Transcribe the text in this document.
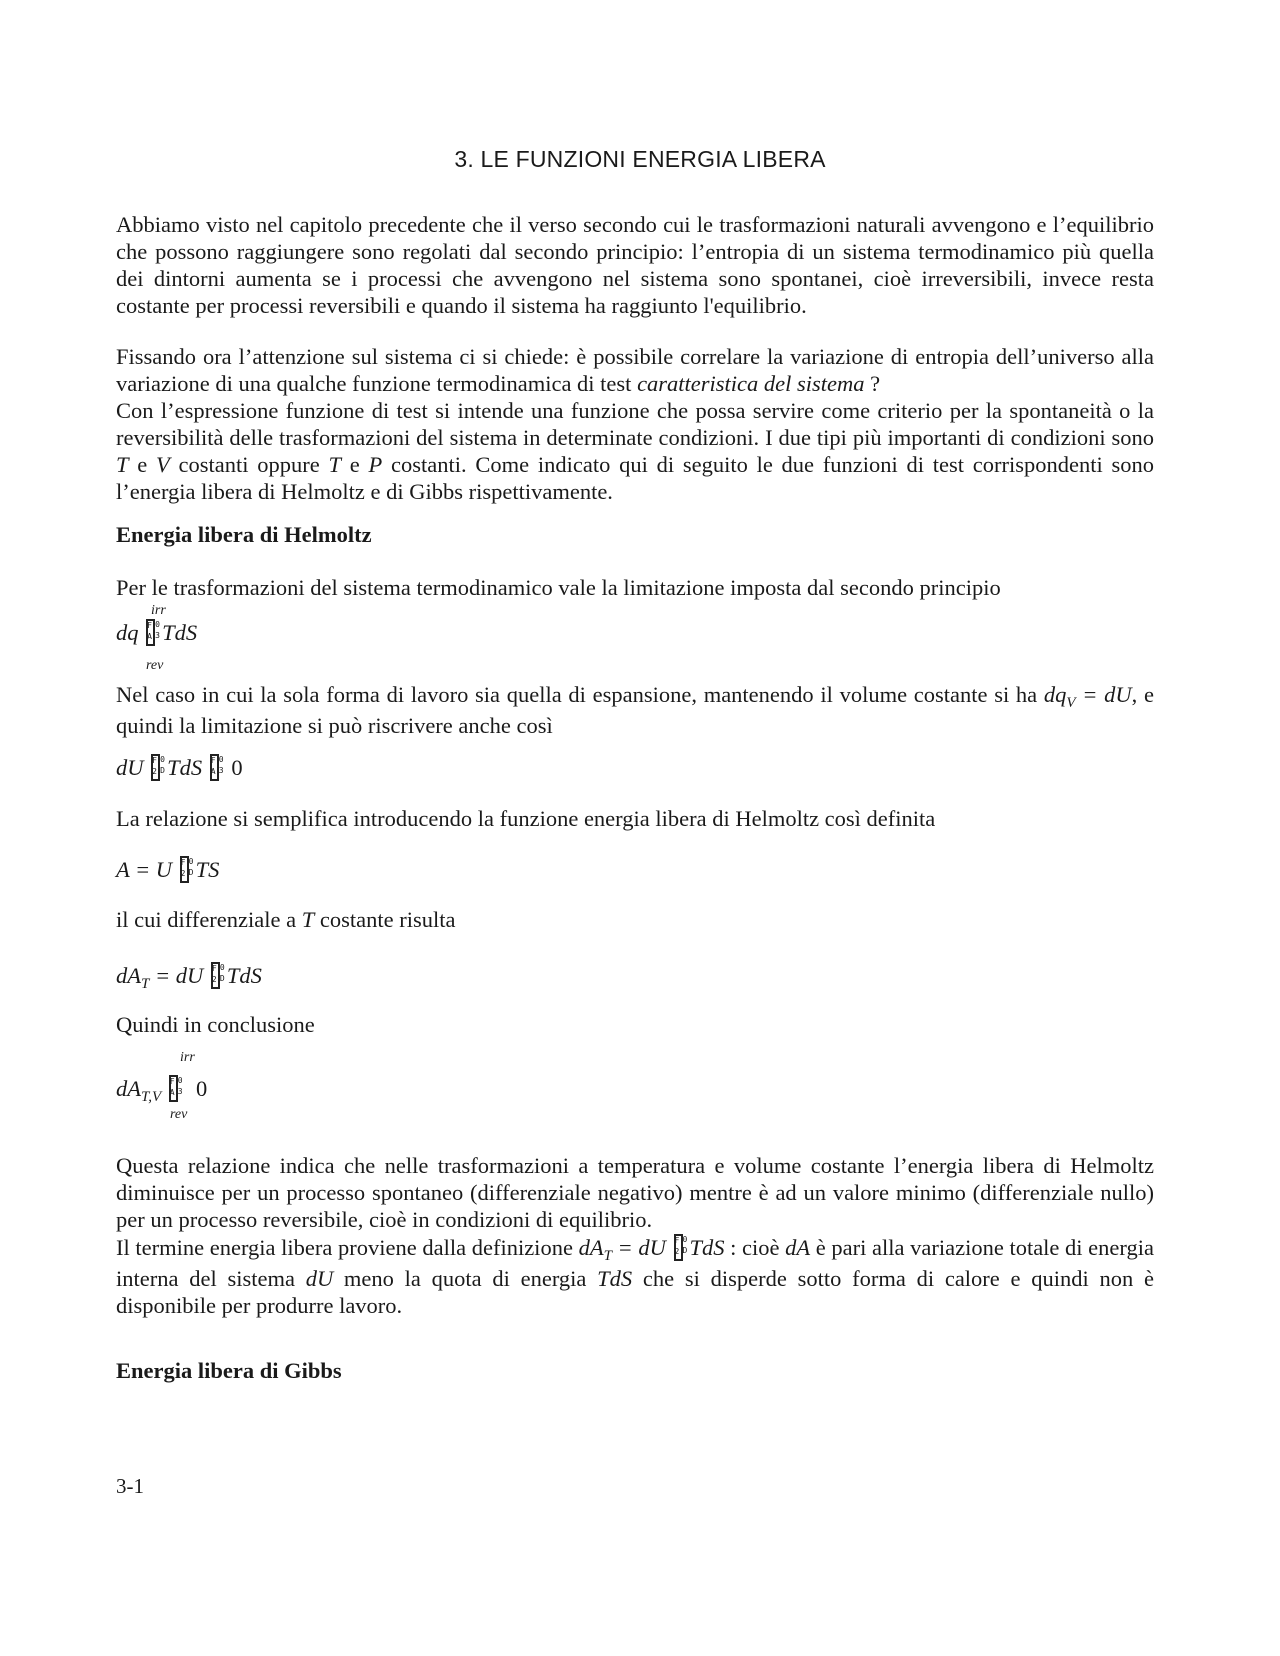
3. LE FUNZIONI ENERGIA LIBERA

Abbiamo visto nel capitolo precedente che il verso secondo cui le trasformazioni naturali avvengono e l’equilibrio che possono raggiungere sono regolati dal secondo principio: l’entropia di un sistema termodinamico più quella dei dintorni aumenta se i processi che avvengono nel sistema sono spontanei, cioè irreversibili, invece resta costante per processi reversibili e quando il sistema ha raggiunto l'equilibrio.

Fissando ora l’attenzione sul sistema ci si chiede: è possibile correlare la variazione di entropia dell’universo alla variazione di una qualche funzione termodinamica di test caratteristica del sistema ?

Con l’espressione funzione di test si intende una funzione che possa servire come criterio per la spontaneità o la reversibilità delle trasformazioni del sistema in determinate condizioni. I due tipi più importanti di condizioni sono T e V costanti oppure T e P costanti. Come indicato qui di seguito le due funzioni di test corrispondenti sono l’energia libera di Helmoltz e di Gibbs rispettivamente.

Energia libera di Helmoltz

Per le trasformazioni del sistema termodinamico vale la limitazione imposta dal secondo principio

irr
dq F
A
0
3 TdS
rev

Nel caso in cui la sola forma di lavoro sia quella di espansione, mantenendo il volume costante si ha $dq_V$ = dU, e quindi la limitazione si può riscrivere anche così

dU F
2
0
D TdS F
A
0
3 0

La relazione si semplifica introducendo la funzione energia libera di Helmoltz così definita

A = U F
2
0
D TS

il cui differenziale a T costante risulta

$dA_T$ = dU F
2
0
D TdS

Quindi in conclusione

irr
$dA_{T,V}$
F
A
0
3 0
rev

Questa relazione indica che nelle trasformazioni a temperatura e volume costante l’energia libera di Helmoltz diminuisce per un processo spontaneo (differenziale negativo) mentre è ad un valore minimo (differenziale nullo) per un processo reversibile, cioè in condizioni di equilibrio.

Il termine energia libera proviene dalla definizione $dA_T$ = dU F
2
0
D TdS : cioè dA è pari alla variazione totale di energia interna del sistema dU meno la quota di energia TdS che si disperde sotto forma di calore e quindi non è disponibile per produrre lavoro.

Energia libera di Gibbs
3-1
